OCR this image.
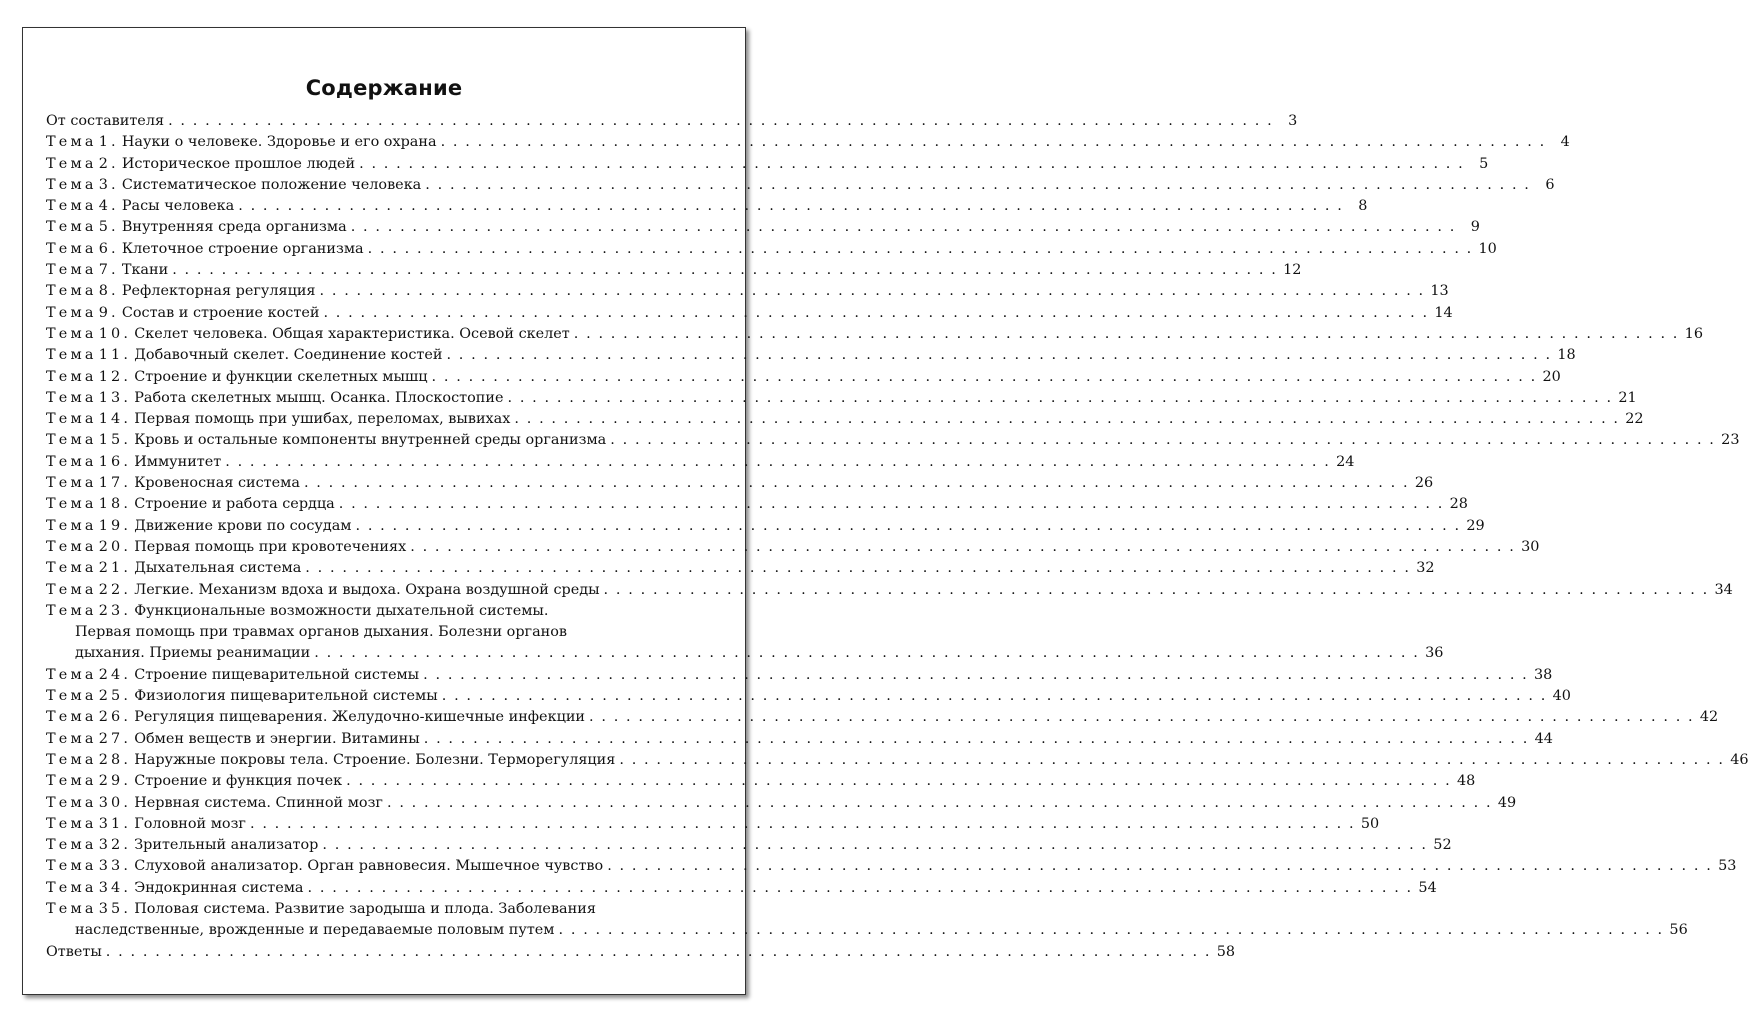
Содержание
От составителя . . . . . . . . . . . . . . . . . . . . . . . . . . . . . . . . . . . . . . . . . . . . . . . . . . . . . . . . . . . . . . . . . . . . . . . . . . . . . . . . . . . . . . . . . .	3
Тема 1. Науки о человеке. Здоровье и его охрана . . . . . . . . . . . . . . . . . . . . . . . . . . . . . . . . . . . . . . . . . . . . . . . . . . . . . . . . . . . . . . . . . . . . . . . . . . . . . . . . . . . . . . . . . .	4
Тема 2. Историческое прошлое людей . . . . . . . . . . . . . . . . . . . . . . . . . . . . . . . . . . . . . . . . . . . . . . . . . . . . . . . . . . . . . . . . . . . . . . . . . . . . . . . . . . . . . . . . . .	5
Тема 3. Систематическое положение человека . . . . . . . . . . . . . . . . . . . . . . . . . . . . . . . . . . . . . . . . . . . . . . . . . . . . . . . . . . . . . . . . . . . . . . . . . . . . . . . . . . . . . . . . . .	6
Тема 4. Расы человека . . . . . . . . . . . . . . . . . . . . . . . . . . . . . . . . . . . . . . . . . . . . . . . . . . . . . . . . . . . . . . . . . . . . . . . . . . . . . . . . . . . . . . . . . .	8
Тема 5. Внутренняя среда организма . . . . . . . . . . . . . . . . . . . . . . . . . . . . . . . . . . . . . . . . . . . . . . . . . . . . . . . . . . . . . . . . . . . . . . . . . . . . . . . . . . . . . . . . . .	9
Тема 6. Клеточное строение организма . . . . . . . . . . . . . . . . . . . . . . . . . . . . . . . . . . . . . . . . . . . . . . . . . . . . . . . . . . . . . . . . . . . . . . . . . . . . . . . . . . . . . . . . . . 10
Тема 7. Ткани . . . . . . . . . . . . . . . . . . . . . . . . . . . . . . . . . . . . . . . . . . . . . . . . . . . . . . . . . . . . . . . . . . . . . . . . . . . . . . . . . . . . . . . . . . 12
Тема 8. Рефлекторная регуляция . . . . . . . . . . . . . . . . . . . . . . . . . . . . . . . . . . . . . . . . . . . . . . . . . . . . . . . . . . . . . . . . . . . . . . . . . . . . . . . . . . . . . . . . . . 13
Тема 9. Состав и строение костей . . . . . . . . . . . . . . . . . . . . . . . . . . . . . . . . . . . . . . . . . . . . . . . . . . . . . . . . . . . . . . . . . . . . . . . . . . . . . . . . . . . . . . . . . . 14
Тема 10. Скелет человека. Общая характеристика. Осевой скелет . . . . . . . . . . . . . . . . . . . . . . . . . . . . . . . . . . . . . . . . . . . . . . . . . . . . . . . . . . . . . . . . . . . . . . . . . . . . . . . . . . . . . . . . . . 16
Тема 11. Добавочный скелет. Соединение костей . . . . . . . . . . . . . . . . . . . . . . . . . . . . . . . . . . . . . . . . . . . . . . . . . . . . . . . . . . . . . . . . . . . . . . . . . . . . . . . . . . . . . . . . . . 18
Тема 12. Строение и функции скелетных мышц . . . . . . . . . . . . . . . . . . . . . . . . . . . . . . . . . . . . . . . . . . . . . . . . . . . . . . . . . . . . . . . . . . . . . . . . . . . . . . . . . . . . . . . . . . 20
Тема 13. Работа скелетных мышц. Осанка. Плоскостопие . . . . . . . . . . . . . . . . . . . . . . . . . . . . . . . . . . . . . . . . . . . . . . . . . . . . . . . . . . . . . . . . . . . . . . . . . . . . . . . . . . . . . . . . . . 21
Тема 14. Первая помощь при ушибах, переломах, вывихах . . . . . . . . . . . . . . . . . . . . . . . . . . . . . . . . . . . . . . . . . . . . . . . . . . . . . . . . . . . . . . . . . . . . . . . . . . . . . . . . . . . . . . . . . . 22
Тема 15. Кровь и остальные компоненты внутренней среды организма . . . . . . . . . . . . . . . . . . . . . . . . . . . . . . . . . . . . . . . . . . . . . . . . . . . . . . . . . . . . . . . . . . . . . . . . . . . . . . . . . . . . . . . . . . 23
Тема 16. Иммунитет . . . . . . . . . . . . . . . . . . . . . . . . . . . . . . . . . . . . . . . . . . . . . . . . . . . . . . . . . . . . . . . . . . . . . . . . . . . . . . . . . . . . . . . . . . 24
Тема 17. Кровеносная система . . . . . . . . . . . . . . . . . . . . . . . . . . . . . . . . . . . . . . . . . . . . . . . . . . . . . . . . . . . . . . . . . . . . . . . . . . . . . . . . . . . . . . . . . . 26
Тема 18. Строение и работа сердца . . . . . . . . . . . . . . . . . . . . . . . . . . . . . . . . . . . . . . . . . . . . . . . . . . . . . . . . . . . . . . . . . . . . . . . . . . . . . . . . . . . . . . . . . . 28
Тема 19. Движение крови по сосудам . . . . . . . . . . . . . . . . . . . . . . . . . . . . . . . . . . . . . . . . . . . . . . . . . . . . . . . . . . . . . . . . . . . . . . . . . . . . . . . . . . . . . . . . . . 29
Тема 20. Первая помощь при кровотечениях . . . . . . . . . . . . . . . . . . . . . . . . . . . . . . . . . . . . . . . . . . . . . . . . . . . . . . . . . . . . . . . . . . . . . . . . . . . . . . . . . . . . . . . . . . 30
Тема 21. Дыхательная система . . . . . . . . . . . . . . . . . . . . . . . . . . . . . . . . . . . . . . . . . . . . . . . . . . . . . . . . . . . . . . . . . . . . . . . . . . . . . . . . . . . . . . . . . . 32
Тема 22. Легкие. Механизм вдоха и выдоха. Охрана воздушной среды . . . . . . . . . . . . . . . . . . . . . . . . . . . . . . . . . . . . . . . . . . . . . . . . . . . . . . . . . . . . . . . . . . . . . . . . . . . . . . . . . . . . . . . . . . 34
Тема 23. Функциональные возможности дыхательной системы.
Первая помощь при травмах органов дыхания. Болезни органов
дыхания. Приемы реанимации . . . . . . . . . . . . . . . . . . . . . . . . . . . . . . . . . . . . . . . . . . . . . . . . . . . . . . . . . . . . . . . . . . . . . . . . . . . . . . . . . . . . . . . . . . 36
Тема 24. Строение пищеварительной системы . . . . . . . . . . . . . . . . . . . . . . . . . . . . . . . . . . . . . . . . . . . . . . . . . . . . . . . . . . . . . . . . . . . . . . . . . . . . . . . . . . . . . . . . . . 38
Тема 25. Физиология пищеварительной системы . . . . . . . . . . . . . . . . . . . . . . . . . . . . . . . . . . . . . . . . . . . . . . . . . . . . . . . . . . . . . . . . . . . . . . . . . . . . . . . . . . . . . . . . . . 40
Тема 26. Регуляция пищеварения. Желудочно-кишечные инфекции . . . . . . . . . . . . . . . . . . . . . . . . . . . . . . . . . . . . . . . . . . . . . . . . . . . . . . . . . . . . . . . . . . . . . . . . . . . . . . . . . . . . . . . . . . 42
Тема 27. Обмен веществ и энергии. Витамины . . . . . . . . . . . . . . . . . . . . . . . . . . . . . . . . . . . . . . . . . . . . . . . . . . . . . . . . . . . . . . . . . . . . . . . . . . . . . . . . . . . . . . . . . . 44
Тема 28. Наружные покровы тела. Строение. Болезни. Терморегуляция . . . . . . . . . . . . . . . . . . . . . . . . . . . . . . . . . . . . . . . . . . . . . . . . . . . . . . . . . . . . . . . . . . . . . . . . . . . . . . . . . . . . . . . . . . 46
Тема 29. Строение и функция почек . . . . . . . . . . . . . . . . . . . . . . . . . . . . . . . . . . . . . . . . . . . . . . . . . . . . . . . . . . . . . . . . . . . . . . . . . . . . . . . . . . . . . . . . . . 48
Тема 30. Нервная система. Спинной мозг . . . . . . . . . . . . . . . . . . . . . . . . . . . . . . . . . . . . . . . . . . . . . . . . . . . . . . . . . . . . . . . . . . . . . . . . . . . . . . . . . . . . . . . . . . 49
Тема 31. Головной мозг . . . . . . . . . . . . . . . . . . . . . . . . . . . . . . . . . . . . . . . . . . . . . . . . . . . . . . . . . . . . . . . . . . . . . . . . . . . . . . . . . . . . . . . . . . 50
Тема 32. Зрительный анализатор . . . . . . . . . . . . . . . . . . . . . . . . . . . . . . . . . . . . . . . . . . . . . . . . . . . . . . . . . . . . . . . . . . . . . . . . . . . . . . . . . . . . . . . . . . 52
Тема 33. Слуховой анализатор. Орган равновесия. Мышечное чувство . . . . . . . . . . . . . . . . . . . . . . . . . . . . . . . . . . . . . . . . . . . . . . . . . . . . . . . . . . . . . . . . . . . . . . . . . . . . . . . . . . . . . . . . . . 53
Тема 34. Эндокринная система . . . . . . . . . . . . . . . . . . . . . . . . . . . . . . . . . . . . . . . . . . . . . . . . . . . . . . . . . . . . . . . . . . . . . . . . . . . . . . . . . . . . . . . . . . 54
Тема 35. Половая система. Развитие зародыша и плода. Заболевания
наследственные, врожденные и передаваемые половым путем . . . . . . . . . . . . . . . . . . . . . . . . . . . . . . . . . . . . . . . . . . . . . . . . . . . . . . . . . . . . . . . . . . . . . . . . . . . . . . . . . . . . . . . . . . 56
Ответы . . . . . . . . . . . . . . . . . . . . . . . . . . . . . . . . . . . . . . . . . . . . . . . . . . . . . . . . . . . . . . . . . . . . . . . . . . . . . . . . . . . . . . . . . . 58
